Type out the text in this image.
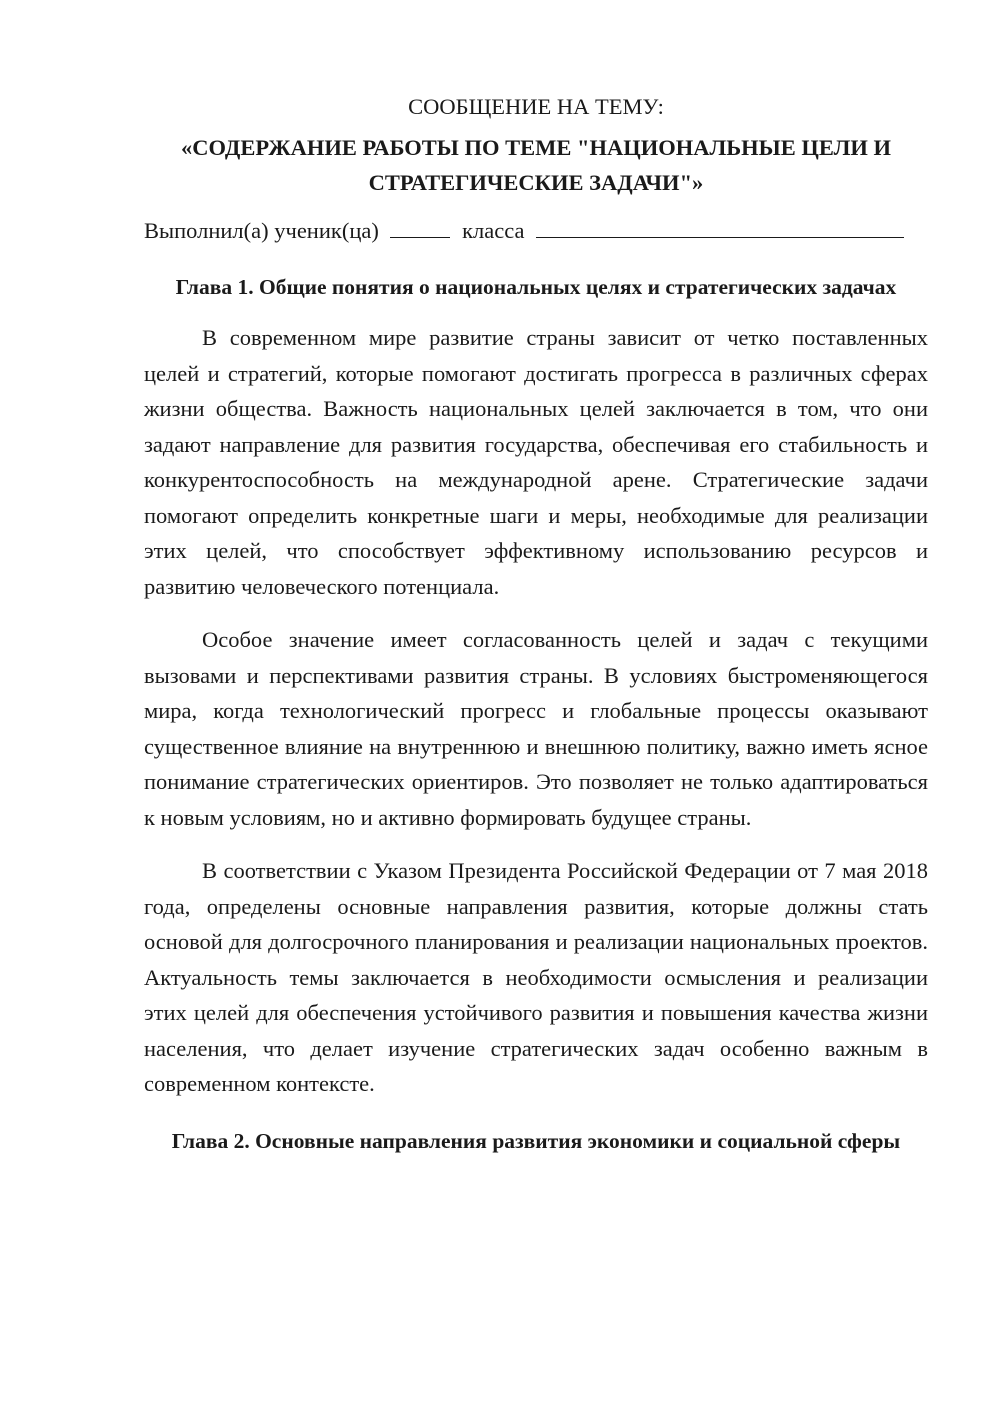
СООБЩЕНИЕ НА ТЕМУ:

«СОДЕРЖАНИЕ РАБОТЫ ПО ТЕМЕ "НАЦИОНАЛЬНЫЕ ЦЕЛИ И СТРАТЕГИЧЕСКИЕ ЗАДАЧИ"»

Выполнил(а) ученик(ца)	класса

Глава 1. Общие понятия о национальных целях и стратегических задачах

В современном мире развитие страны зависит от четко поставленных целей и стратегий, которые помогают достигать прогресса в различных сферах жизни общества. Важность национальных целей заключается в том, что они задают направление для развития государства, обеспечивая его стабильность и конкурентоспособность на международной арене. Стратегические задачи помогают определить конкретные шаги и меры, необходимые для реализации этих целей, что способствует эффективному использованию ресурсов и развитию человеческого потенциала.

Особое значение имеет согласованность целей и задач с текущими вызовами и перспективами развития страны. В условиях быстроменяющегося мира, когда технологический прогресс и глобальные процессы оказывают существенное влияние на внутреннюю и внешнюю политику, важно иметь ясное понимание стратегических ориентиров. Это позволяет не только адаптироваться к новым условиям, но и активно формировать будущее страны.

В соответствии с Указом Президента Российской Федерации от 7 мая 2018 года, определены основные направления развития, которые должны стать основой для долгосрочного планирования и реализации национальных проектов. Актуальность темы заключается в необходимости осмысления и реализации этих целей для обеспечения устойчивого развития и повышения качества жизни населения, что делает изучение стратегических задач особенно важным в современном контексте.

Глава 2. Основные направления развития экономики и социальной сферы
